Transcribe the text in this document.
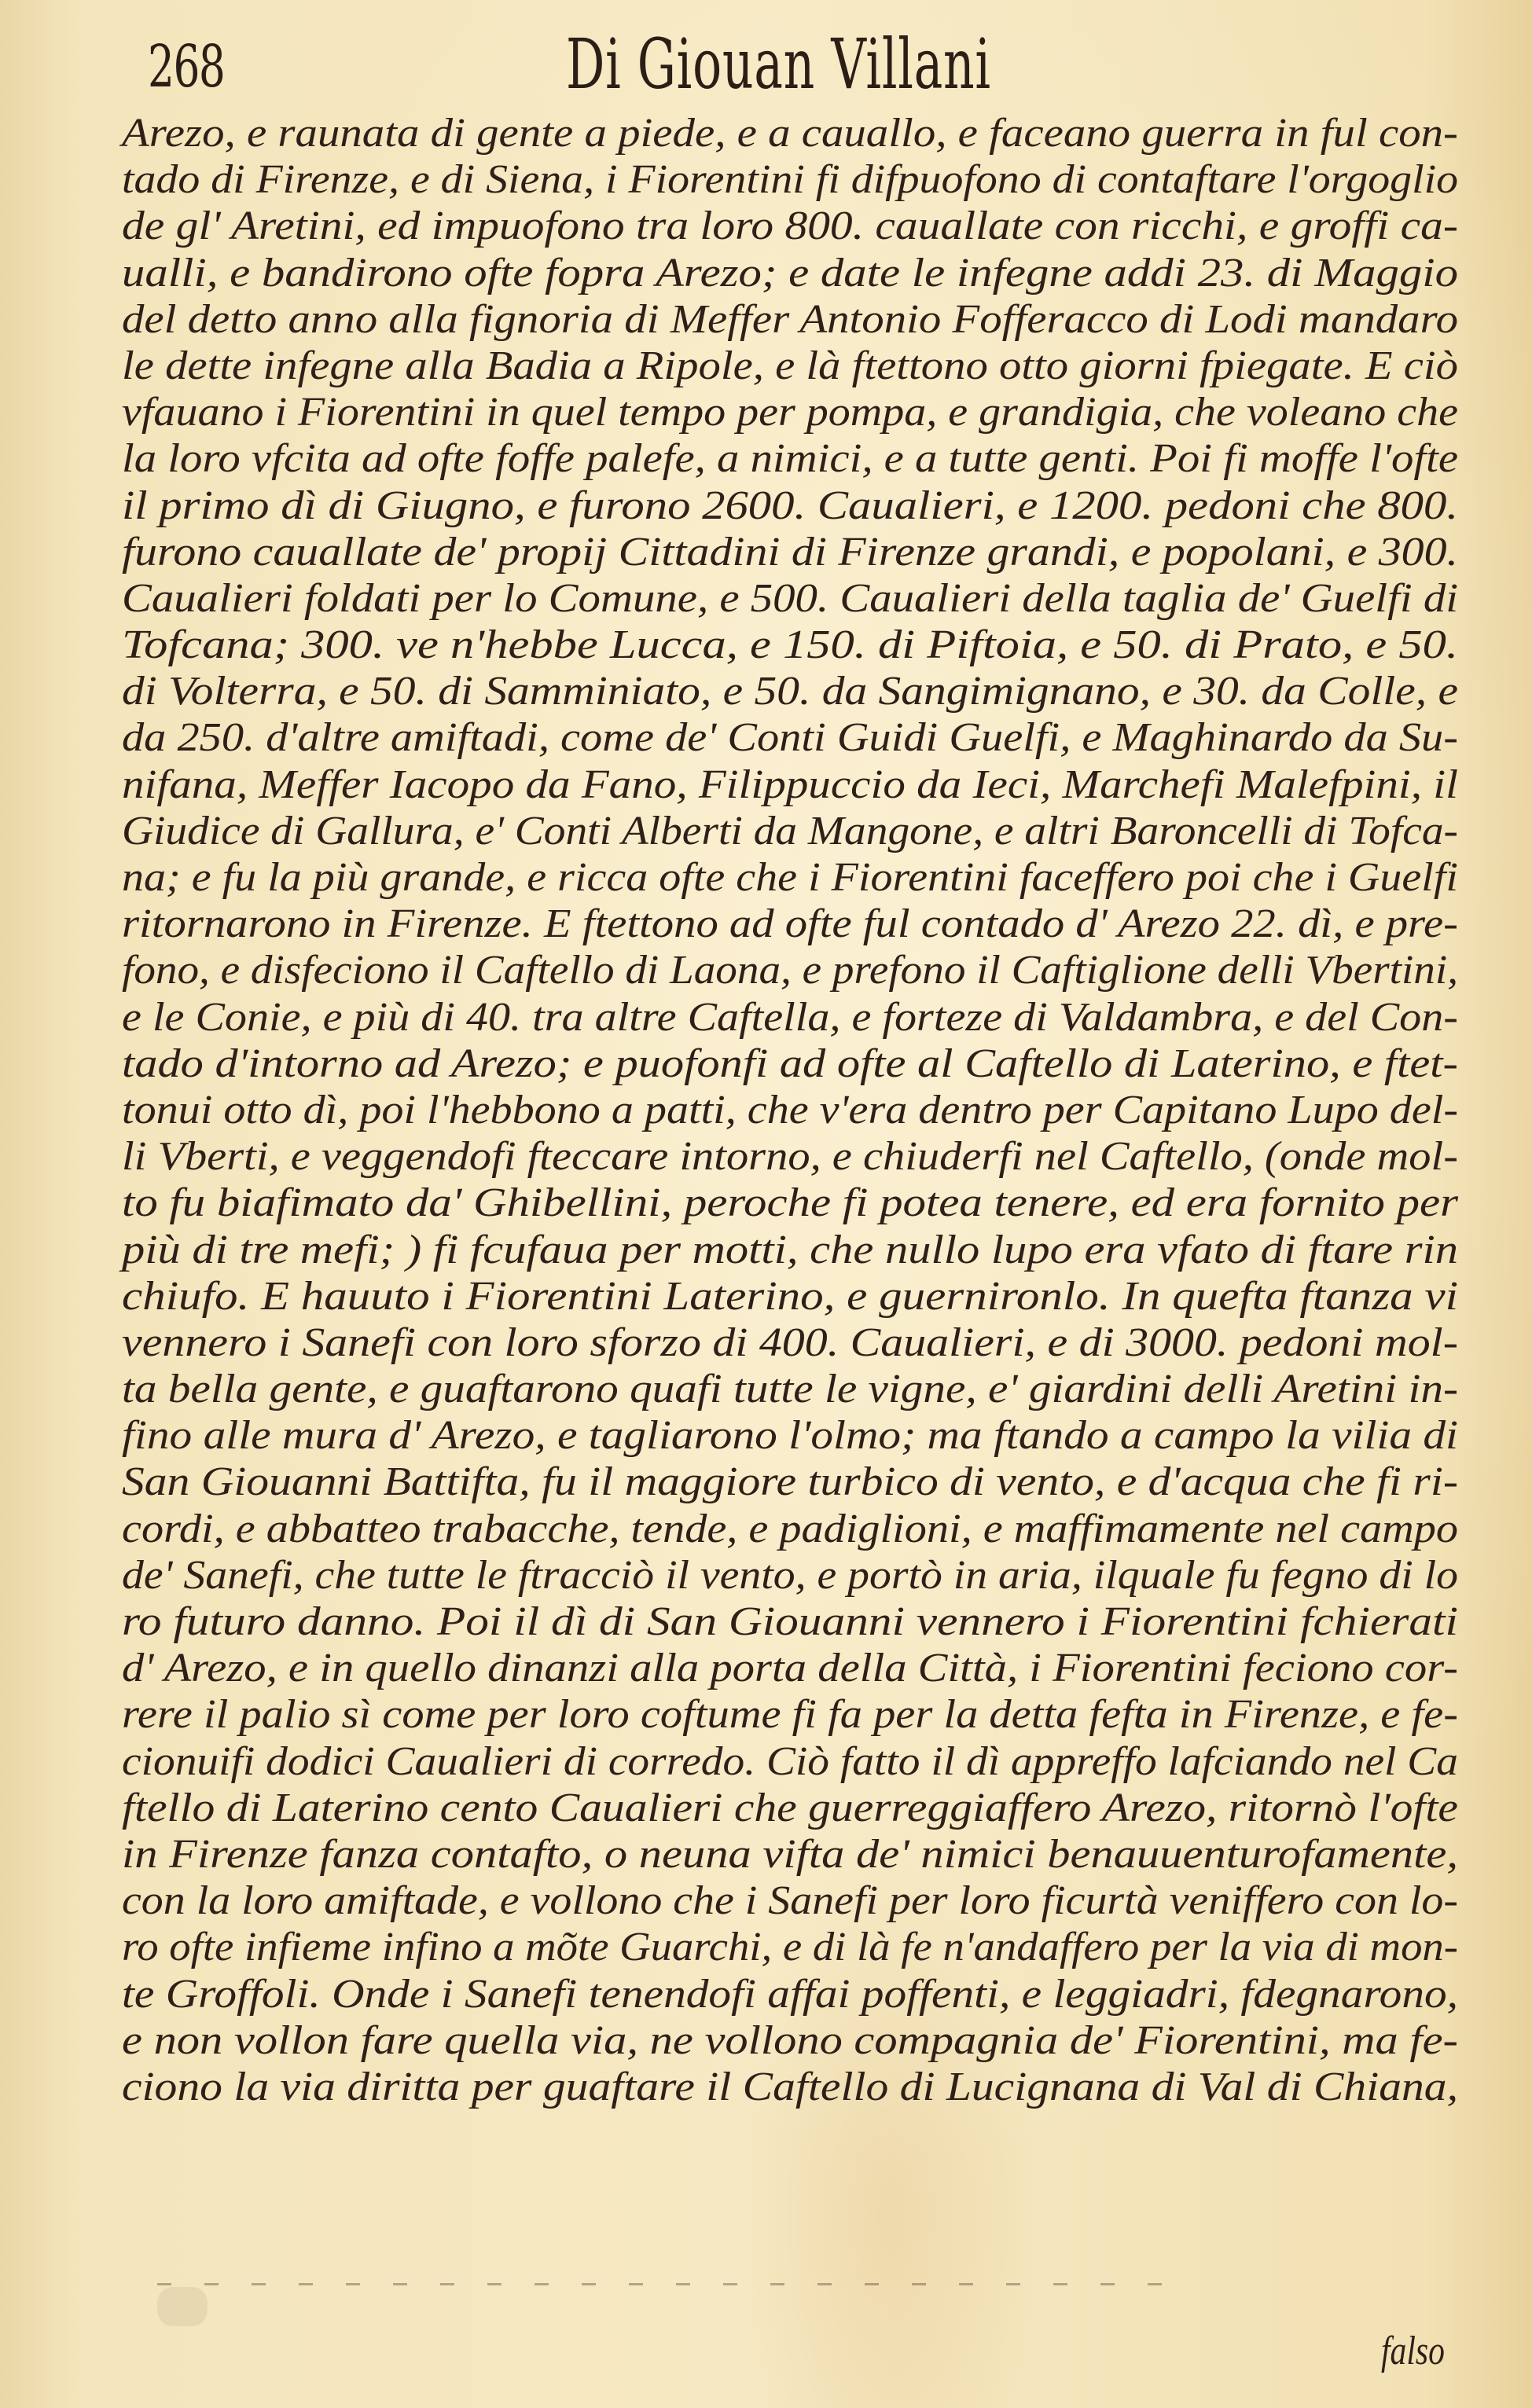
268	Di Giouan Villani
Arezo, e raunata di gente a piede, e a cauallo, e faceano guerra in ful con-
tado di Firenze, e di Siena, i Fiorentini fi difpuofono di contaftare l'orgoglio
de gl' Aretini, ed impuofono tra loro 800. cauallate con ricchi, e groffi ca-
ualli, e bandirono ofte fopra Arezo; e date le infegne addi 23. di Maggio
del detto anno alla fignoria di Meffer Antonio Fofferacco di Lodi mandaro
le dette infegne alla Badia a Ripole, e là ftettono otto giorni fpiegate. E ciò
vfauano i Fiorentini in quel tempo per pompa, e grandigia, che voleano che
la loro vfcita ad ofte foffe palefe, a nimici, e a tutte genti. Poi fi moffe l'ofte
il primo dì di Giugno, e furono 2600. Caualieri, e 1200. pedoni che 800.
furono cauallate de' propij Cittadini di Firenze grandi, e popolani, e 300.
Caualieri foldati per lo Comune, e 500. Caualieri della taglia de' Guelfi di
Tofcana; 300. ve n'hebbe Lucca, e 150. di Piftoia, e 50. di Prato, e 50.
di Volterra, e 50. di Samminiato, e 50. da Sangimignano, e 30. da Colle, e
da 250. d'altre amiftadi, come de' Conti Guidi Guelfi, e Maghinardo da Su-
nifana, Meffer Iacopo da Fano, Filippuccio da Ieci, Marchefi Malefpini, il
Giudice di Gallura, e' Conti Alberti da Mangone, e altri Baroncelli di Tofca-
na; e fu la più grande, e ricca ofte che i Fiorentini faceffero poi che i Guelfi
ritornarono in Firenze. E ftettono ad ofte ful contado d' Arezo 22. dì, e pre-
fono, e disfeciono il Caftello di Laona, e prefono il Caftiglione delli Vbertini,
e le Conie, e più di 40. tra altre Caftella, e forteze di Valdambra, e del Con-
tado d'intorno ad Arezo; e puofonfi ad ofte al Caftello di Laterino, e ftet-
tonui otto dì, poi l'hebbono a patti, che v'era dentro per Capitano Lupo del-
li Vberti, e veggendofi fteccare intorno, e chiuderfi nel Caftello, (onde mol-
to fu biafimato da' Ghibellini, peroche fi potea tenere, ed era fornito per
più di tre mefi; ) fi fcufaua per motti, che nullo lupo era vfato di ftare rin
chiufo. E hauuto i Fiorentini Laterino, e guernironlo. In quefta ftanza vi
vennero i Sanefi con loro sforzo di 400. Caualieri, e di 3000. pedoni mol-
ta bella gente, e guaftarono quafi tutte le vigne, e' giardini delli Aretini in-
fino alle mura d' Arezo, e tagliarono l'olmo; ma ftando a campo la vilia di
San Giouanni Battifta, fu il maggiore turbico di vento, e d'acqua che fi ri-
cordi, e abbatteo trabacche, tende, e padiglioni, e maffimamente nel campo
de' Sanefi, che tutte le ftracciò il vento, e portò in aria, ilquale fu fegno di lo
ro futuro danno. Poi il dì di San Giouanni vennero i Fiorentini fchierati
d' Arezo, e in quello dinanzi alla porta della Città, i Fiorentini feciono cor-
rere il palio sì come per loro coftume fi fa per la detta fefta in Firenze, e fe-
cionuifi dodici Caualieri di corredo. Ciò fatto il dì appreffo lafciando nel Ca
ftello di Laterino cento Caualieri che guerreggiaffero Arezo, ritornò l'ofte
in Firenze fanza contafto, o neuna vifta de' nimici benauuenturofamente,
con la loro amiftade, e vollono che i Sanefi per loro ficurtà veniffero con lo-
ro ofte infieme infino a mõte Guarchi, e di là fe n'andaffero per la via di mon-
te Groffoli. Onde i Sanefi tenendofi affai poffenti, e leggiadri, fdegnarono,
e non vollon fare quella via, ne vollono compagnia de' Fiorentini, ma fe-
ciono la via diritta per guaftare il Caftello di Lucignana di Val di Chiana,
falso
